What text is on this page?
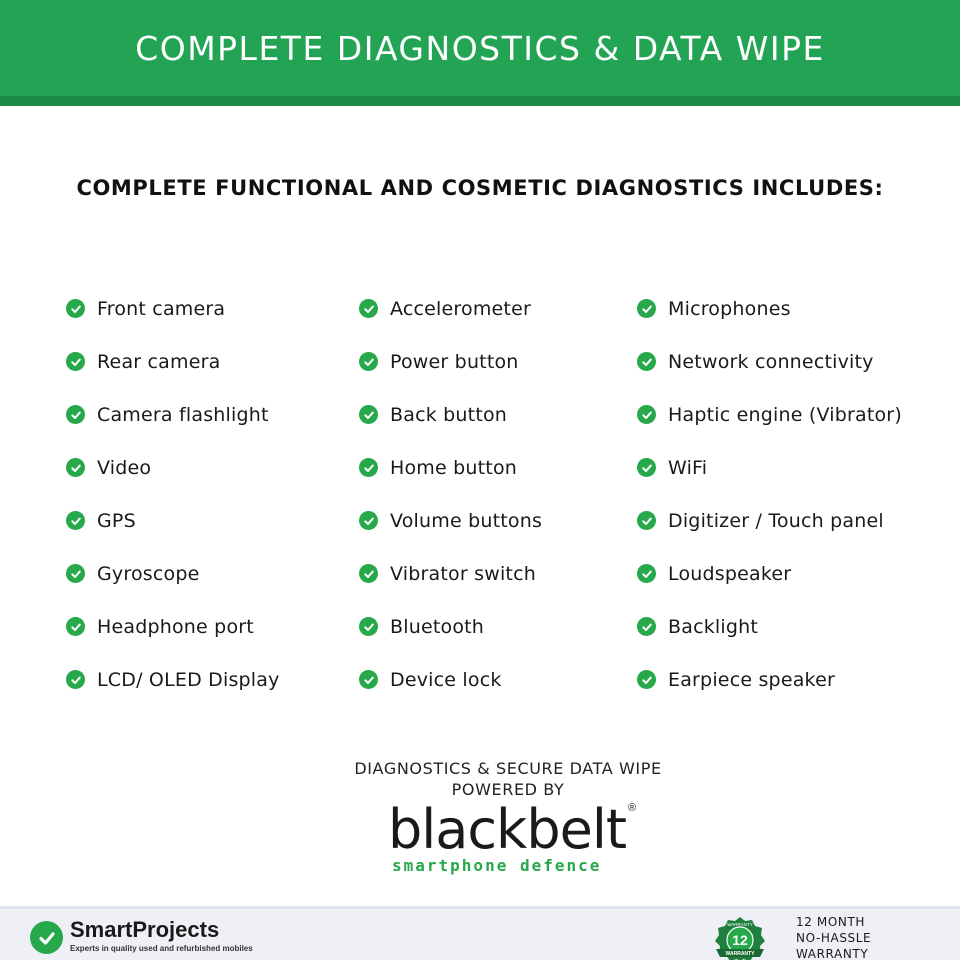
COMPLETE DIAGNOSTICS & DATA WIPE
COMPLETE FUNCTIONAL AND COSMETIC DIAGNOSTICS INCLUDES:
Front camera
Rear camera
Camera flashlight
Video
GPS
Gyroscope
Headphone port
LCD/ OLED Display
Accelerometer
Power button
Back button
Home button
Volume buttons
Vibrator switch
Bluetooth
Device lock
Microphones
Network connectivity
Haptic engine (Vibrator)
WiFi
Digitizer / Touch panel
Loudspeaker
Backlight
Earpiece speaker
DIAGNOSTICS & SECURE DATA WIPE
POWERED BY
blackbelt ®
smartphone defence
SmartProjects
Experts in quality used and refurbished mobiles
12
WARRANTY
WARRANTY
12 MONTH
NO-HASSLE
WARRANTY
